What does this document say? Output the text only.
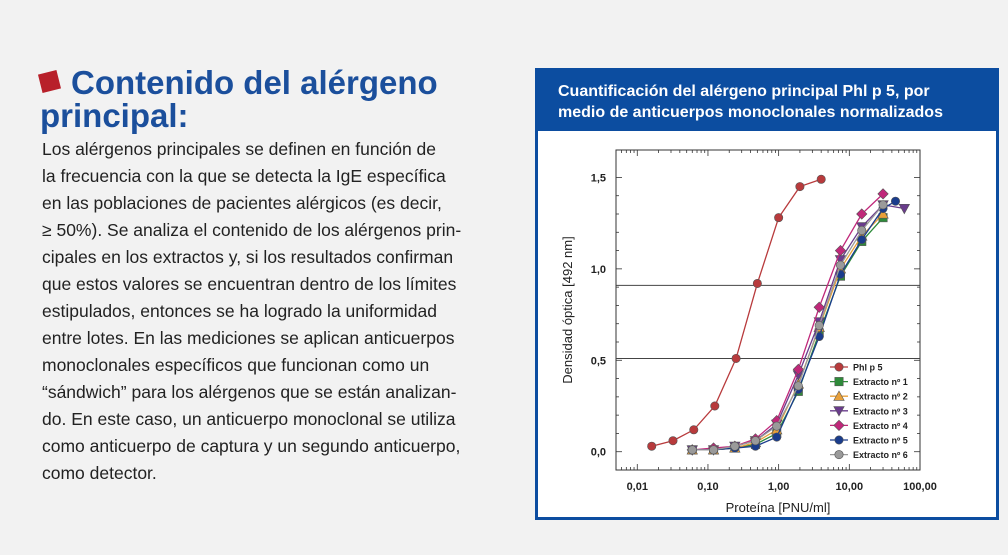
Contenido del alérgeno
principal:

Los alérgenos principales se definen en función de
la frecuencia con la que se detecta la IgE específica
en las poblaciones de pacientes alérgicos (es decir,
≥ 50%). Se analiza el contenido de los alérgenos prin-
cipales en los extractos y, si los resultados confirman
que estos valores se encuentran dentro de los límites
estipulados, entonces se ha logrado la uniformidad
entre lotes. En las mediciones se aplican anticuerpos
monoclonales específicos que funcionan como un
“sándwich” para los alérgenos que se están analizan-
do. En este caso, un anticuerpo monoclonal se utiliza
como anticuerpo de captura y un segundo anticuerpo,
como detector.

Cuantificación del alérgeno principal Phl p 5, por
medio de anticuerpos monoclonales normalizados
0,01	0,10	1,00	10,00	100,00
0,0
0,5
1,0
1,5
Proteína [PNU/ml]
Densidad óptica [492 nm]	Phl p 5
Extracto nº 1
Extracto nº 2
Extracto nº 3
Extracto nº 4
Extracto nº 5
Extracto nº 6
